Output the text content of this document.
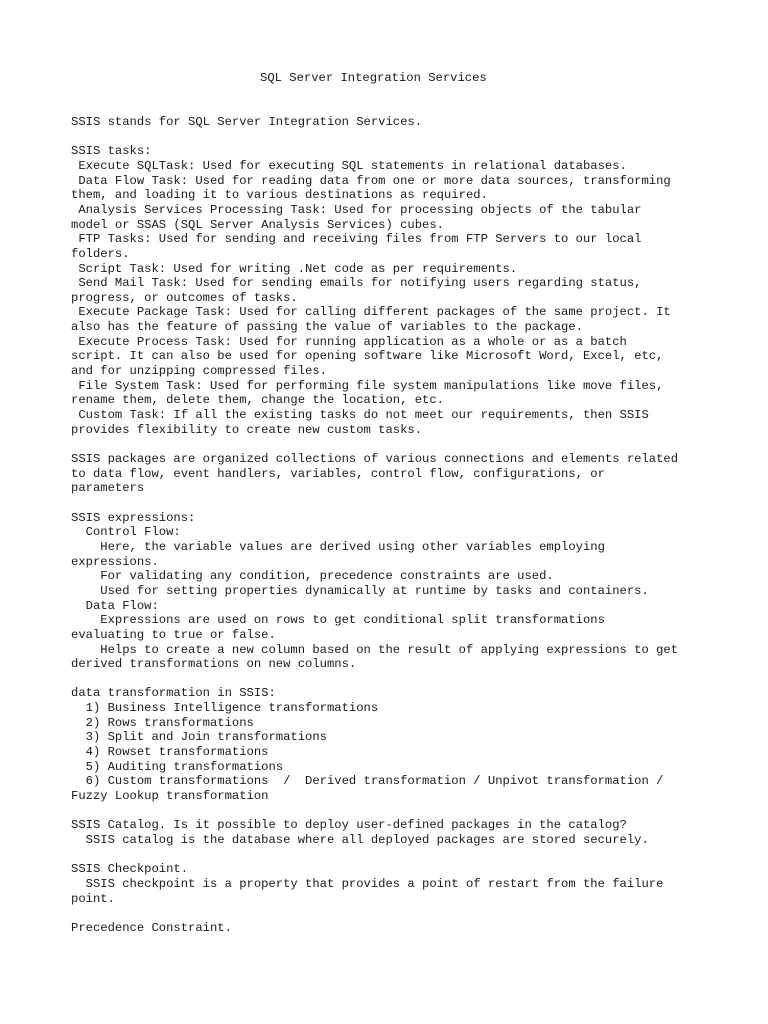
SQL Server Integration Services
SSIS stands for SQL Server Integration Services.
SSIS tasks:
Execute SQLTask: Used for executing SQL statements in relational databases.
Data Flow Task: Used for reading data from one or more data sources, transforming
them, and loading it to various destinations as required.
Analysis Services Processing Task: Used for processing objects of the tabular
model or SSAS (SQL Server Analysis Services) cubes.
FTP Tasks: Used for sending and receiving files from FTP Servers to our local
folders.
Script Task: Used for writing .Net code as per requirements.
Send Mail Task: Used for sending emails for notifying users regarding status,
progress, or outcomes of tasks.
Execute Package Task: Used for calling different packages of the same project. It
also has the feature of passing the value of variables to the package.
Execute Process Task: Used for running application as a whole or as a batch
script. It can also be used for opening software like Microsoft Word, Excel, etc,
and for unzipping compressed files.
File System Task: Used for performing file system manipulations like move files,
rename them, delete them, change the location, etc.
Custom Task: If all the existing tasks do not meet our requirements, then SSIS
provides flexibility to create new custom tasks.
SSIS packages are organized collections of various connections and elements related
to data flow, event handlers, variables, control flow, configurations, or
parameters
SSIS expressions:
Control Flow:
Here, the variable values are derived using other variables employing
expressions.
For validating any condition, precedence constraints are used.
Used for setting properties dynamically at runtime by tasks and containers.
Data Flow:
Expressions are used on rows to get conditional split transformations
evaluating to true or false.
Helps to create a new column based on the result of applying expressions to get
derived transformations on new columns.
data transformation in SSIS:
1) Business Intelligence transformations
2) Rows transformations
3) Split and Join transformations
4) Rowset transformations
5) Auditing transformations
6) Custom transformations  /  Derived transformation / Unpivot transformation /
Fuzzy Lookup transformation
SSIS Catalog. Is it possible to deploy user-defined packages in the catalog?
SSIS catalog is the database where all deployed packages are stored securely.
SSIS Checkpoint.
SSIS checkpoint is a property that provides a point of restart from the failure
point.
Precedence Constraint.
